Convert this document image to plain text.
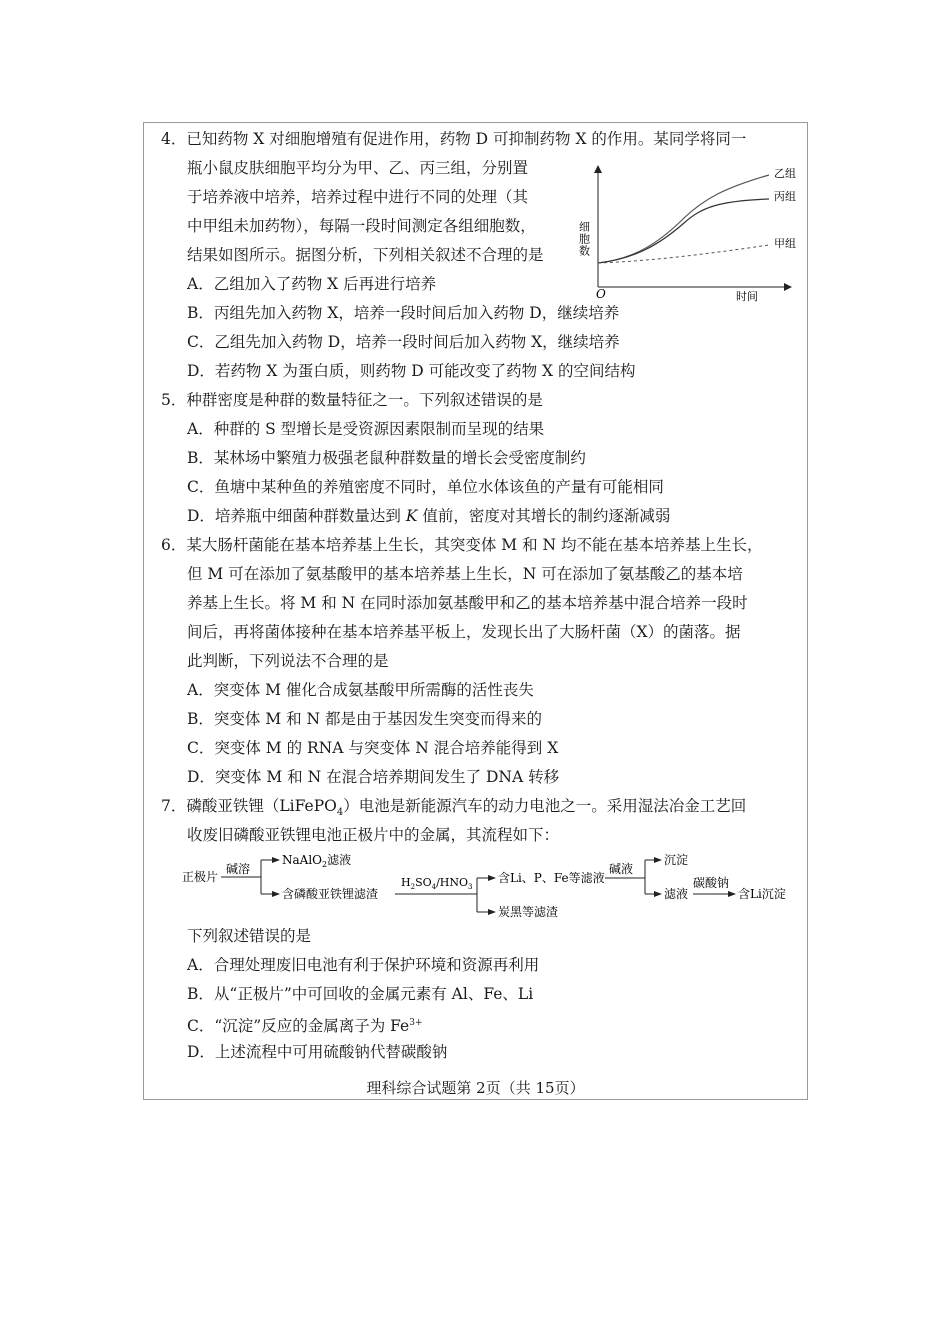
4．已知药物 X 对细胞增殖有促进作用，药物 D 可抑制药物 X 的作用。某同学将同一
瓶小鼠皮肤细胞平均分为甲、乙、丙三组，分别置
于培养液中培养，培养过程中进行不同的处理（其
中甲组未加药物），每隔一段时间测定各组细胞数，
结果如图所示。据图分析，下列相关叙述不合理的是
A．乙组加入了药物 X 后再进行培养
B．丙组先加入药物 X，培养一段时间后加入药物 D，继续培养
C．乙组先加入药物 D，培养一段时间后加入药物 X，继续培养
D．若药物 X 为蛋白质，则药物 D 可能改变了药物 X 的空间结构
细胞数
O	时间
乙组
丙组
甲组
5．种群密度是种群的数量特征之一。下列叙述错误的是
A．种群的 S 型增长是受资源因素限制而呈现的结果
B．某林场中繁殖力极强老鼠种群数量的增长会受密度制约
C．鱼塘中某种鱼的养殖密度不同时，单位水体该鱼的产量有可能相同
D．培养瓶中细菌种群数量达到 K 值前，密度对其增长的制约逐渐减弱
6．某大肠杆菌能在基本培养基上生长，其突变体 M 和 N 均不能在基本培养基上生长，
但 M 可在添加了氨基酸甲的基本培养基上生长，N 可在添加了氨基酸乙的基本培
养基上生长。将 M 和 N 在同时添加氨基酸甲和乙的基本培养基中混合培养一段时
间后，再将菌体接种在基本培养基平板上，发现长出了大肠杆菌（X）的菌落。据
此判断，下列说法不合理的是
A．突变体 M 催化合成氨基酸甲所需酶的活性丧失
B．突变体 M 和 N 都是由于基因发生突变而得来的
C．突变体 M 的 RNA 与突变体 N 混合培养能得到 X
D．突变体 M 和 N 在混合培养期间发生了 DNA 转移
7．磷酸亚铁锂（LiFePO$_4$）电池是新能源汽车的动力电池之一。采用湿法冶金工艺回
收废旧磷酸亚铁锂电池正极片中的金属，其流程如下：
正极片
碱溶
NaAlO$_2$滤液
含磷酸亚铁锂滤渣
$H_2SO_4/HNO_3$
含Li、P、Fe等滤液
炭黑等滤渣
碱液
沉淀
滤液
碳酸钠
含Li沉淀
下列叙述错误的是
A．合理处理废旧电池有利于保护环境和资源再利用
B．从“正极片”中可回收的金属元素有 Al、Fe、Li
C．“沉淀”反应的金属离子为 $Fe^{3+}$
D．上述流程中可用硫酸钠代替碳酸钠
理科综合试题第 2页（共 15页）
